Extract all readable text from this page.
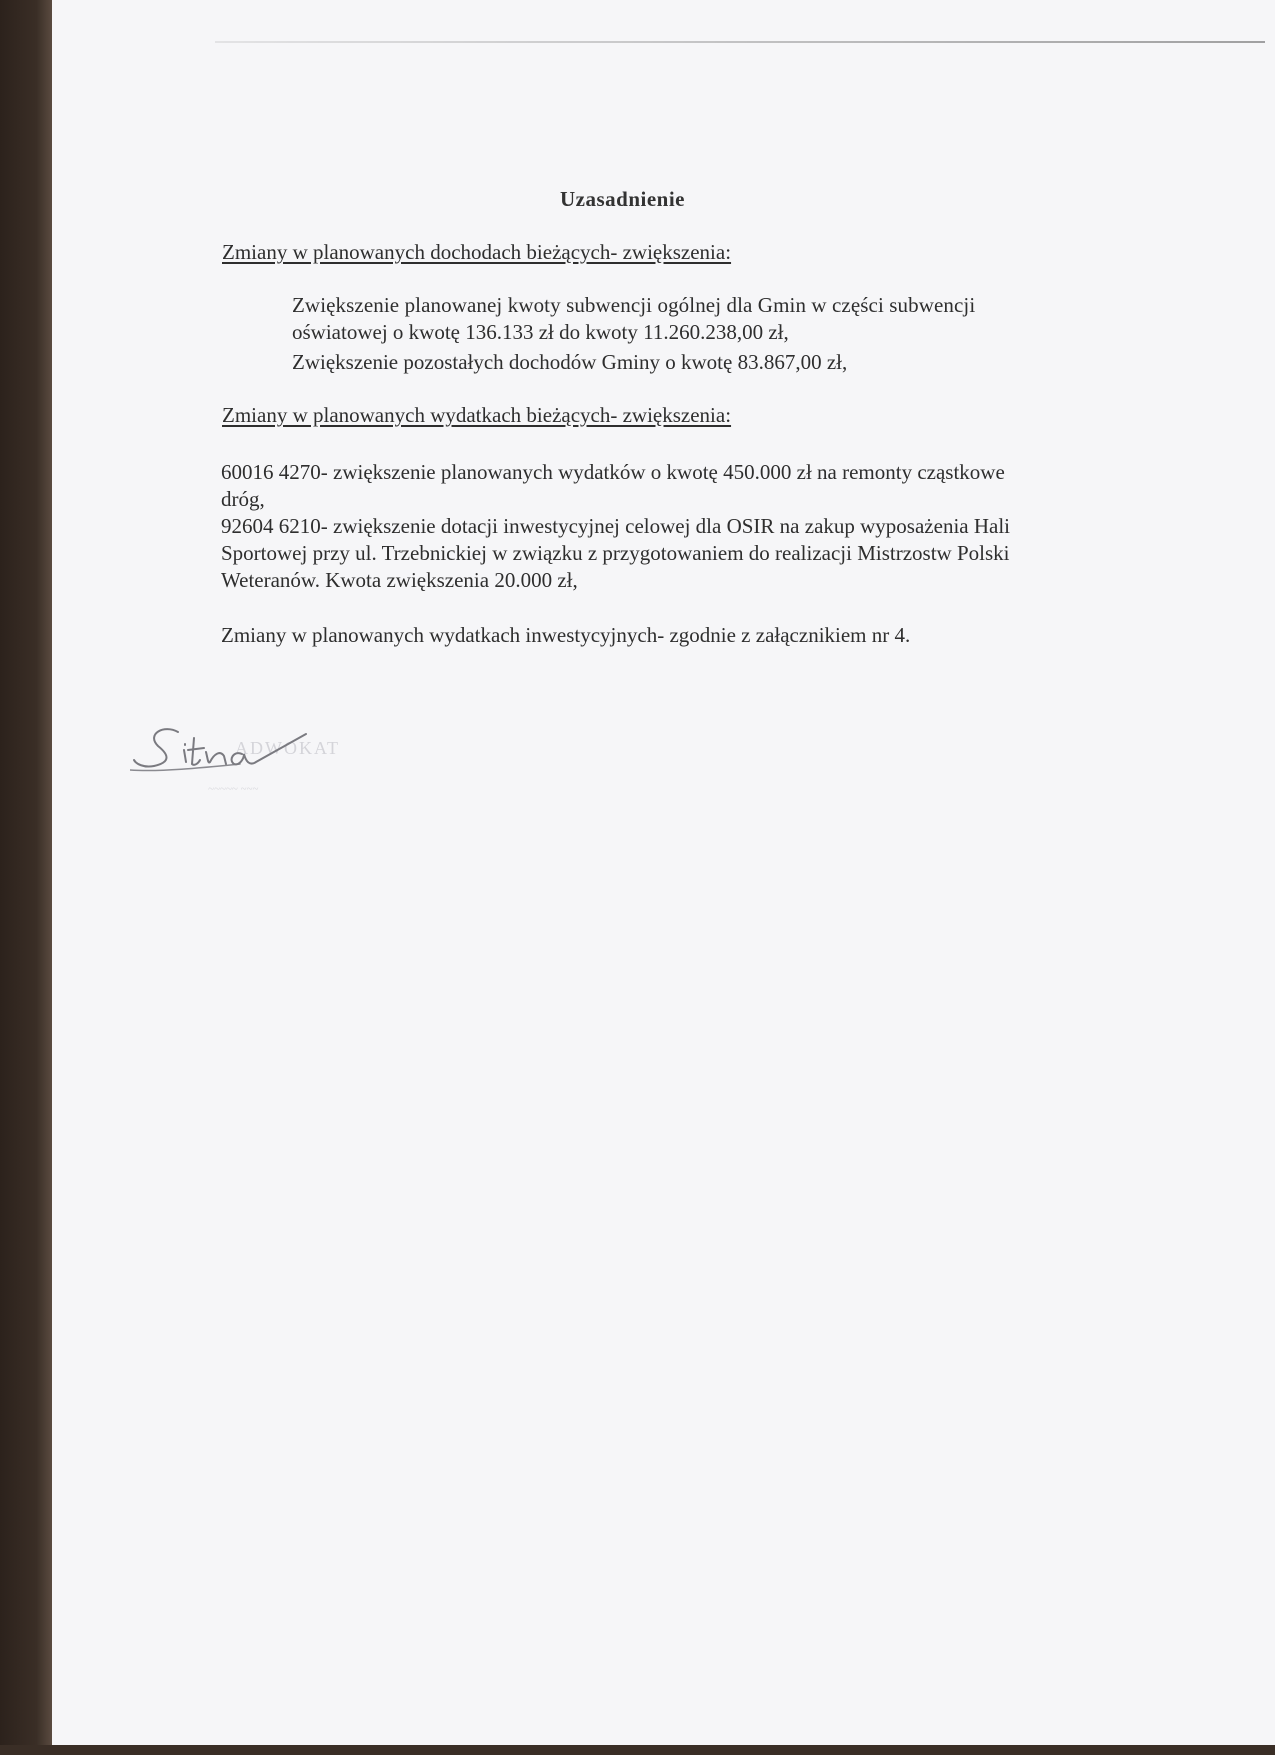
Uzasadnienie
Zmiany w planowanych dochodach bieżących- zwiększenia:
Zwiększenie planowanej kwoty subwencji ogólnej dla Gmin w części subwencji
oświatowej o kwotę 136.133 zł do kwoty 11.260.238,00 zł,
Zwiększenie pozostałych dochodów Gminy o kwotę 83.867,00 zł,
Zmiany w planowanych wydatkach bieżących- zwiększenia:
60016 4270- zwiększenie planowanych wydatków o kwotę 450.000 zł na remonty cząstkowe
dróg,
92604 6210- zwiększenie dotacji inwestycyjnej celowej dla OSIR na zakup wyposażenia Hali
Sportowej przy ul. Trzebnickiej w związku z przygotowaniem do realizacji Mistrzostw Polski
Weteranów. Kwota zwiększenia 20.000 zł,
Zmiany w planowanych wydatkach inwestycyjnych- zgodnie z załącznikiem nr 4.
ADWOKAT
~~~~~ ~~~
